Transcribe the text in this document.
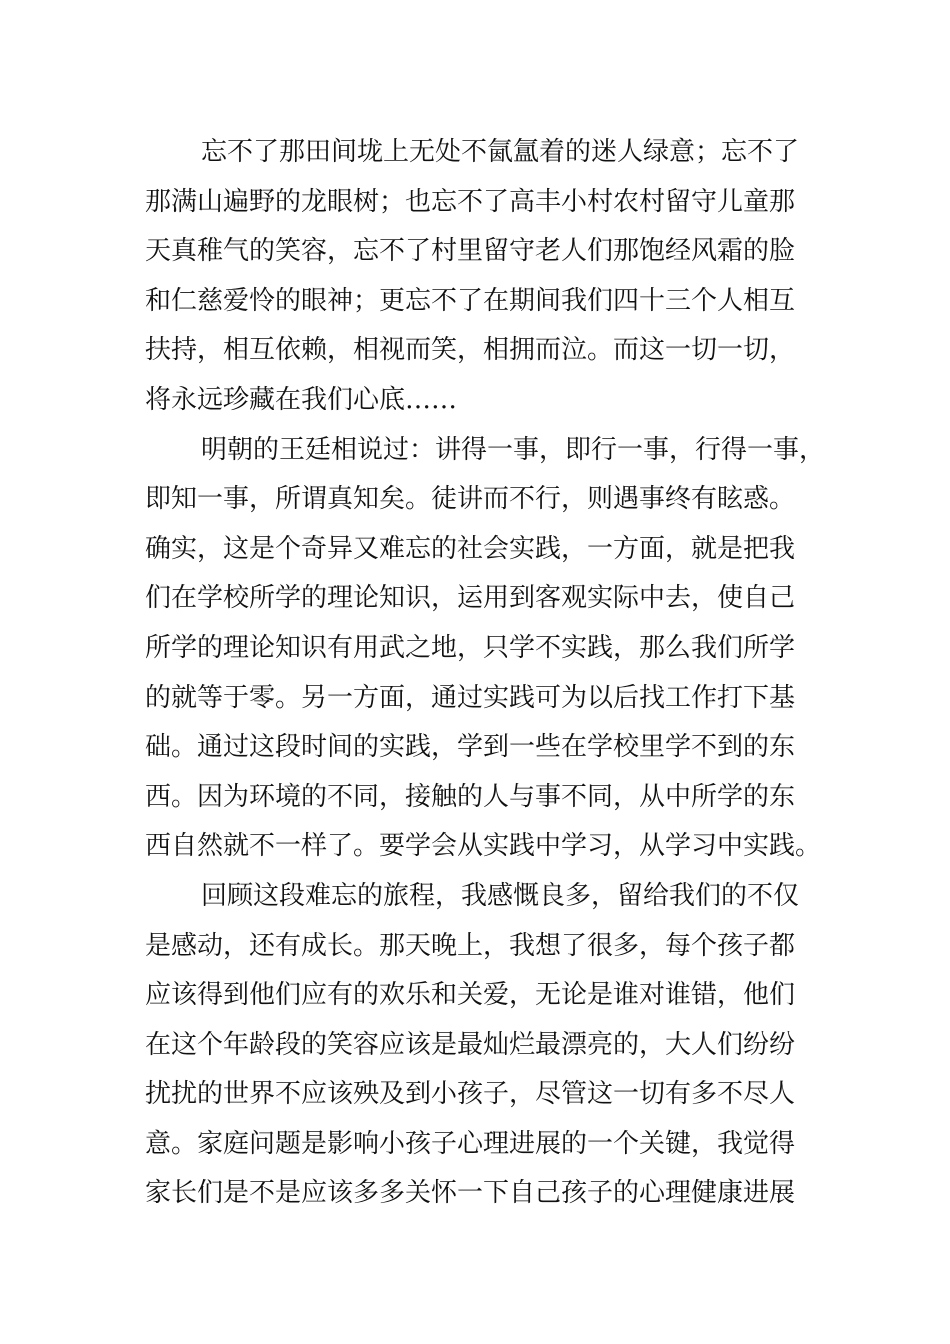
忘不了那田间垅上无处不氤氲着的迷人绿意；忘不了
那满山遍野的龙眼树；也忘不了高丰小村农村留守儿童那
天真稚气的笑容，忘不了村里留守老人们那饱经风霜的脸
和仁慈爱怜的眼神；更忘不了在期间我们四十三个人相互
扶持，相互依赖，相视而笑，相拥而泣。而这一切一切，
将永远珍藏在我们心底……
明朝的王廷相说过：讲得一事，即行一事，行得一事，
即知一事，所谓真知矣。徒讲而不行，则遇事终有眩惑。
确实，这是个奇异又难忘的社会实践，一方面，就是把我
们在学校所学的理论知识，运用到客观实际中去，使自己
所学的理论知识有用武之地，只学不实践，那么我们所学
的就等于零。另一方面，通过实践可为以后找工作打下基
础。通过这段时间的实践，学到一些在学校里学不到的东
西。因为环境的不同，接触的人与事不同，从中所学的东
西自然就不一样了。要学会从实践中学习，从学习中实践。
回顾这段难忘的旅程，我感慨良多，留给我们的不仅
是感动，还有成长。那天晚上，我想了很多，每个孩子都
应该得到他们应有的欢乐和关爱，无论是谁对谁错，他们
在这个年龄段的笑容应该是最灿烂最漂亮的，大人们纷纷
扰扰的世界不应该殃及到小孩子，尽管这一切有多不尽人
意。家庭问题是影响小孩子心理进展的一个关键，我觉得
家长们是不是应该多多关怀一下自己孩子的心理健康进展
